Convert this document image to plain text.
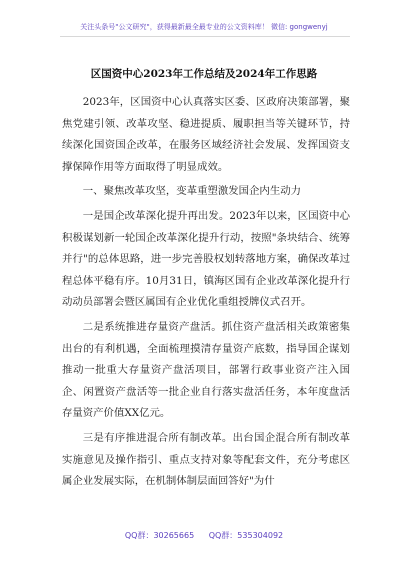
关注头条号"公文研究"，获得最新最全最专业的公文资料库！ 微信: gongwenyj
区国资中心2023年工作总结及2024年工作思路

2023年，区国资中心认真落实区委、区政府决策部署，聚焦党建引领、改革攻坚、稳进提质、履职担当等关键环节，持续深化国资国企改革，在服务区域经济社会发展、发挥国资支撑保障作用等方面取得了明显成效。

一、聚焦改革攻坚，变革重塑激发国企内生动力

一是国企改革深化提升再出发。2023年以来，区国资中心积极谋划新一轮国企改革深化提升行动，按照"条块结合、统筹并行"的总体思路，进一步完善股权划转落地方案，确保改革过程总体平稳有序。10月31日，镇海区国有企业改革深化提升行动动员部署会暨区属国有企业优化重组授牌仪式召开。

二是系统推进存量资产盘活。抓住资产盘活相关政策密集出台的有利机遇，全面梳理摸清存量资产底数，指导国企谋划推动一批重大存量资产盘活项目，部署行政事业资产注入国企、闲置资产盘活等一批企业自行落实盘活任务，本年度盘活存量资产价值XX亿元。

三是有序推进混合所有制改革。出台国企混合所有制改革实施意见及操作指引、重点支持对象等配套文件，充分考虑区属企业发展实际，在机制体制层面回答好"为什

QQ群：30265665 QQ群：535304092
